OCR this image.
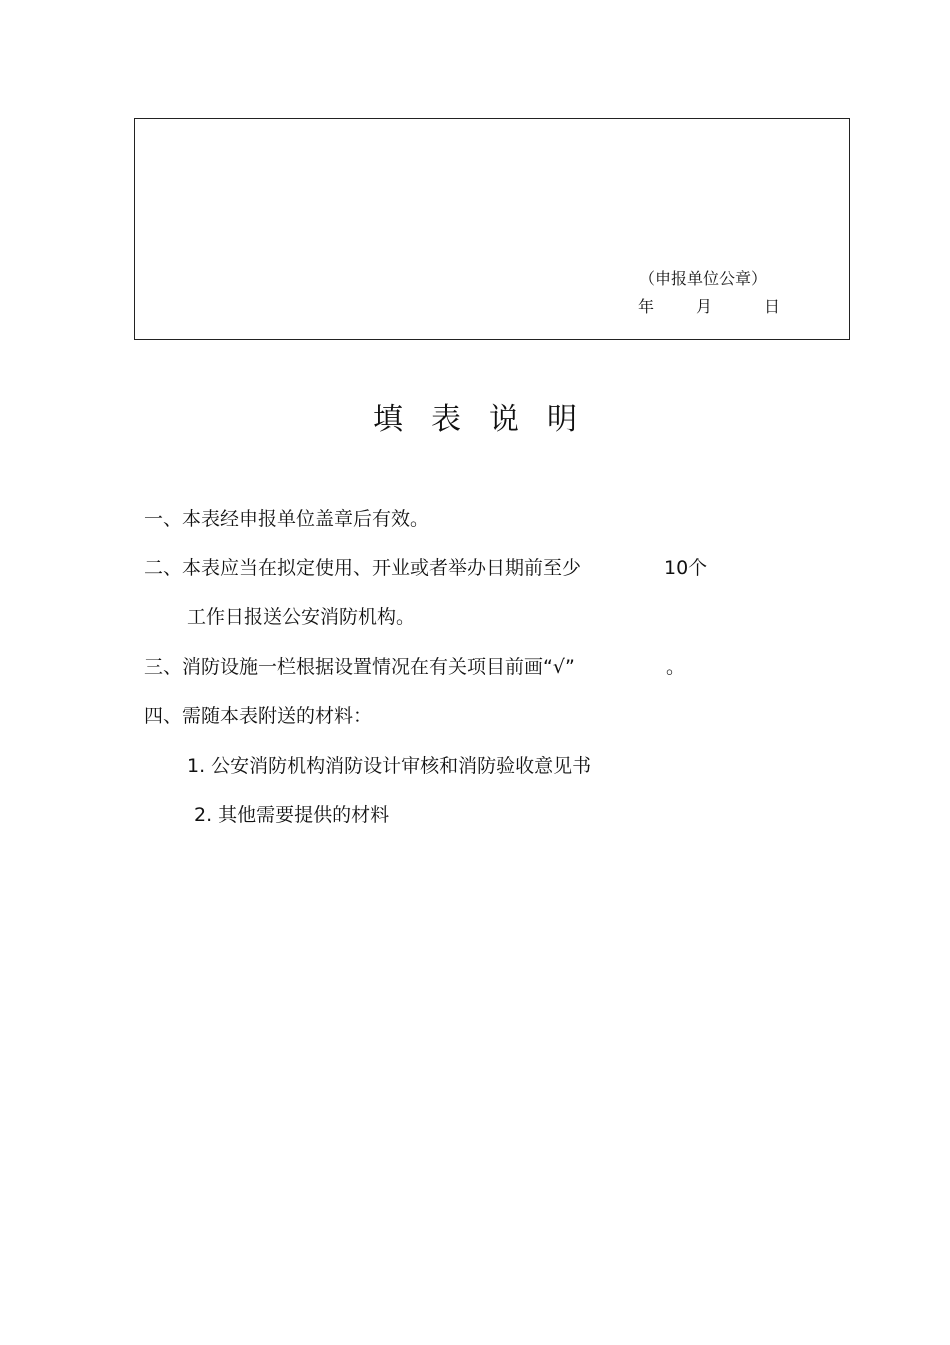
（申报单位公章）
年	月	日
填表说明
一、本表经申报单位盖章后有效。
二、本表应当在拟定使用、开业或者举办日期前至少	10个
工作日报送公安消防机构。
三、消防设施一栏根据设置情况在有关项目前画“√”	。
四、需随本表附送的材料：
1. 公安消防机构消防设计审核和消防验收意见书
2. 其他需要提供的材料
